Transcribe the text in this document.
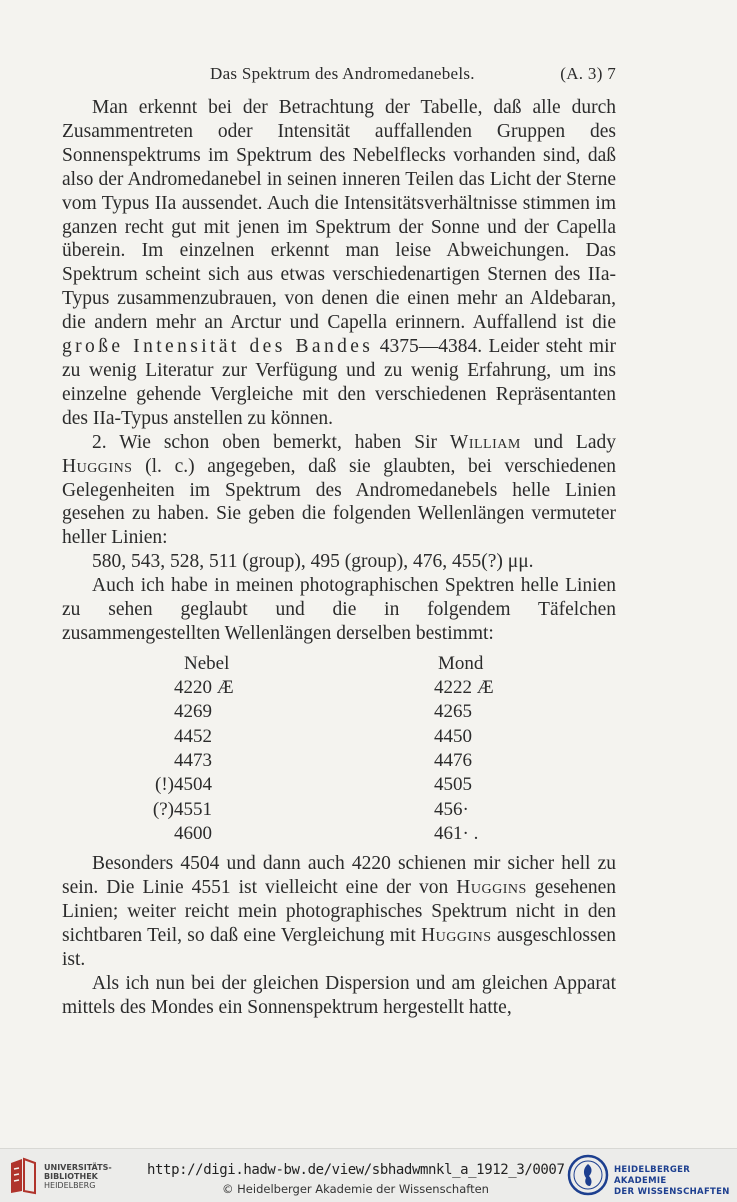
Das Spektrum des Andromedanebels.	(A. 3) 7

Man erkennt bei der Betrachtung der Tabelle, daß alle durch Zusammentreten oder Intensität auffallenden Gruppen des Sonnenspektrums im Spektrum des Nebelflecks vorhanden sind, daß also der Andromedanebel in seinen inneren Teilen das Licht der Sterne vom Typus IIa aussendet. Auch die Intensitätsverhältnisse stimmen im ganzen recht gut mit jenen im Spektrum der Sonne und der Capella überein. Im einzelnen erkennt man leise Abweichungen. Das Spektrum scheint sich aus etwas verschiedenartigen Sternen des IIa-Typus zusammenzubrauen, von denen die einen mehr an Aldebaran, die andern mehr an Arctur und Capella erinnern. Auffallend ist die große Intensität des Bandes 4375—4384. Leider steht mir zu wenig Literatur zur Verfügung und zu wenig Erfahrung, um ins einzelne gehende Vergleiche mit den verschiedenen Repräsentanten des IIa-Typus anstellen zu können.

2. Wie schon oben bemerkt, haben Sir William und Lady Huggins (l. c.) angegeben, daß sie glaubten, bei verschiedenen Gelegenheiten im Spektrum des Andromedanebels helle Linien gesehen zu haben. Sie geben die folgenden Wellenlängen vermuteter heller Linien:

580, 543, 528, 511 (group), 495 (group), 476, 455(?) μμ.

Auch ich habe in meinen photographischen Spektren helle Linien zu sehen geglaubt und die in folgendem Täfelchen zusammengestellten Wellenlängen derselben bestimmt:

	Nebel	Mond
	4220 Æ	4222 Æ
	4269	4265
	4452	4450
	4473	4476
(!)	4504	4505
(?)	4551	456·
	4600	461· .

Besonders 4504 und dann auch 4220 schienen mir sicher hell zu sein. Die Linie 4551 ist vielleicht eine der von Huggins gesehenen Linien; weiter reicht mein photographisches Spektrum nicht in den sichtbaren Teil, so daß eine Vergleichung mit Huggins ausgeschlossen ist.

Als ich nun bei der gleichen Dispersion und am gleichen Apparat mittels des Mondes ein Sonnenspektrum hergestellt hatte,

UNIVERSITÄTS-
BIBLIOTHEK
HEIDELBERG
http://digi.hadw-bw.de/view/sbhadwmnkl_a_1912_3/0007
© Heidelberger Akademie der Wissenschaften
HEIDELBERGER AKADEMIE
DER WISSENSCHAFTEN
